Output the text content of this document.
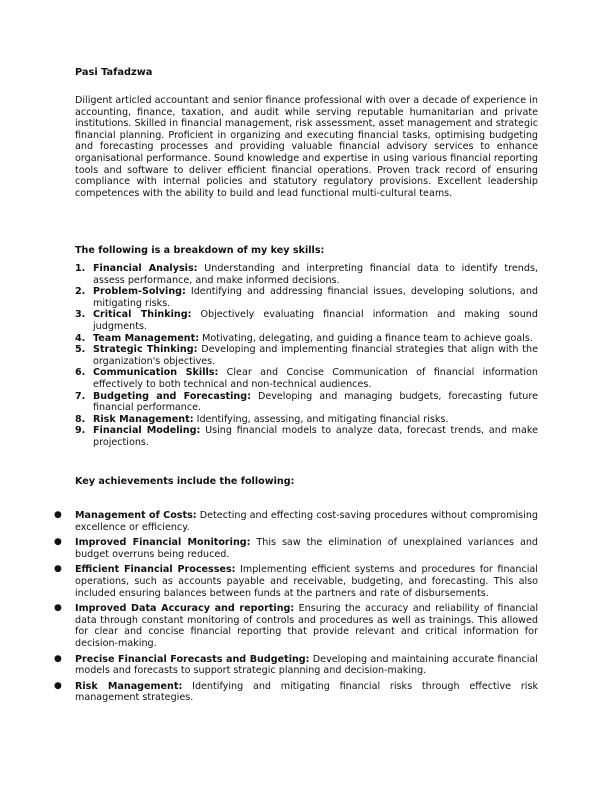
Pasi Tafadzwa

Diligent articled accountant and senior finance professional with over a decade of experience in accounting, finance, taxation, and audit while serving reputable humanitarian and private institutions. Skilled in financial management, risk assessment, asset management and strategic financial planning. Proficient in organizing and executing financial tasks, optimising budgeting and forecasting processes and providing valuable financial advisory services to enhance organisational performance. Sound knowledge and expertise in using various financial reporting tools and software to deliver efficient financial operations. Proven track record of ensuring compliance with internal policies and statutory regulatory provisions. Excellent leadership competences with the ability to build and lead functional multi-cultural teams.

The following is a breakdown of my key skills:

1. Financial Analysis: Understanding and interpreting financial data to identify trends, assess performance, and make informed decisions.
2. Problem-Solving: Identifying and addressing financial issues, developing solutions, and mitigating risks.
3. Critical Thinking: Objectively evaluating financial information and making sound judgments.
4. Team Management: Motivating, delegating, and guiding a finance team to achieve goals.
5. Strategic Thinking: Developing and implementing financial strategies that align with the organization's objectives.
6. Communication Skills: Clear and Concise Communication of financial information effectively to both technical and non-technical audiences.
7. Budgeting and Forecasting: Developing and managing budgets, forecasting future financial performance.
8. Risk Management: Identifying, assessing, and mitigating financial risks.
9. Financial Modeling: Using financial models to analyze data, forecast trends, and make projections.

Key achievements include the following:

●	Management of Costs: Detecting and effecting cost-saving procedures without compromising excellence or efficiency.
●	Improved Financial Monitoring: This saw the elimination of unexplained variances and budget overruns being reduced.
●	Efficient Financial Processes: Implementing efficient systems and procedures for financial operations, such as accounts payable and receivable, budgeting, and forecasting. This also included ensuring balances between funds at the partners and rate of disbursements.
●	Improved Data Accuracy and reporting: Ensuring the accuracy and reliability of financial data through constant monitoring of controls and procedures as well as trainings. This allowed for clear and concise financial reporting that provide relevant and critical information for decision-making.
●	Precise Financial Forecasts and Budgeting: Developing and maintaining accurate financial models and forecasts to support strategic planning and decision-making.
●	Risk Management: Identifying and mitigating financial risks through effective risk management strategies.
